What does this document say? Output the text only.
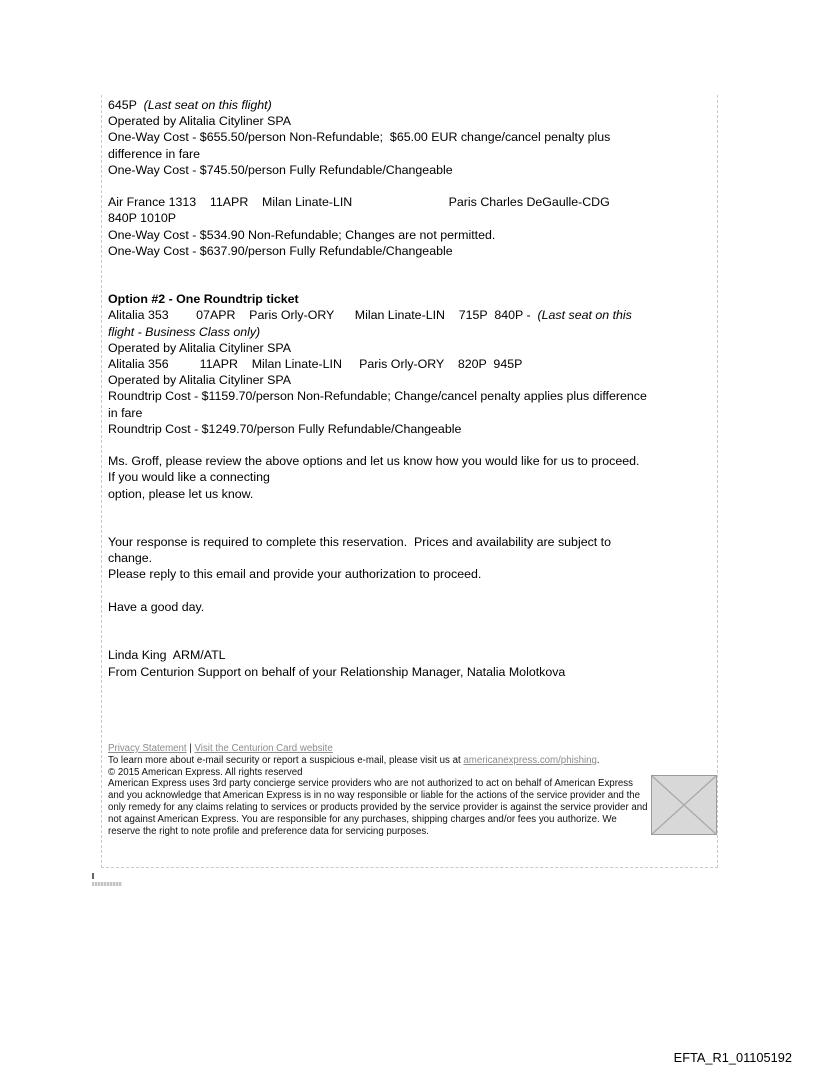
645P  (Last seat on this flight)
Operated by Alitalia Cityliner SPA
One-Way Cost - $655.50/person Non-Refundable;  $65.00 EUR change/cancel penalty plus
difference in fare
One-Way Cost - $745.50/person Fully Refundable/Changeable
Air France 1313    11APR    Milan Linate-LIN                            Paris Charles DeGaulle-CDG
840P 1010P
One-Way Cost - $534.90 Non-Refundable; Changes are not permitted.
One-Way Cost - $637.90/person Fully Refundable/Changeable
Option #2 - One Roundtrip ticket
Alitalia 353        07APR    Paris Orly-ORY      Milan Linate-LIN    715P  840P -  (Last seat on this
flight - Business Class only)
Operated by Alitalia Cityliner SPA
Alitalia 356         11APR    Milan Linate-LIN     Paris Orly-ORY    820P  945P
Operated by Alitalia Cityliner SPA
Roundtrip Cost - $1159.70/person Non-Refundable; Change/cancel penalty applies plus difference
in fare
Roundtrip Cost - $1249.70/person Fully Refundable/Changeable
Ms. Groff, please review the above options and let us know how you would like for us to proceed.
If you would like a connecting
option, please let us know.
Your response is required to complete this reservation.  Prices and availability are subject to
change.
Please reply to this email and provide your authorization to proceed.
Have a good day.
Linda King  ARM/ATL
From Centurion Support on behalf of your Relationship Manager, Natalia Molotkova
Privacy Statement | Visit the Centurion Card website
To learn more about e-mail security or report a suspicious e-mail, please visit us at americanexpress.com/phishing.
© 2015 American Express. All rights reserved
American Express uses 3rd party concierge service providers who are not authorized to act on behalf of American Express
and you acknowledge that American Express is in no way responsible or liable for the actions of the service provider and the
only remedy for any claims relating to services or products provided by the service provider is against the service provider and
not against American Express. You are responsible for any purchases, shipping charges and/or fees you authorize. We
reserve the right to note profile and preference data for servicing purposes.
EFTA_R1_01105192
